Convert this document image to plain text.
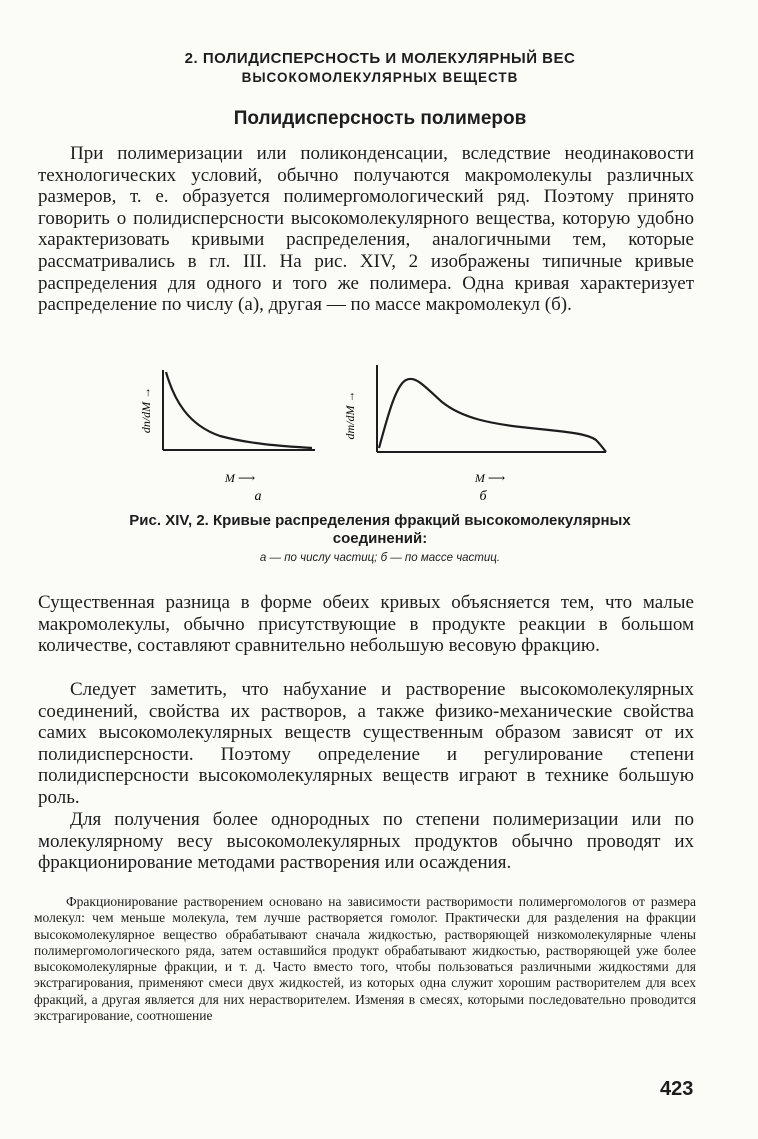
2. ПОЛИДИСПЕРСНОСТЬ И МОЛЕКУЛЯРНЫЙ ВЕС
ВЫСОКОМОЛЕКУЛЯРНЫХ ВЕЩЕСТВ
Полидисперсность полимеров

При полимеризации или поликонденсации, вследствие неодинаковости технологических условий, обычно получаются макромолекулы различных размеров, т. е. образуется полимергомологический ряд. Поэтому принято говорить о полидисперсности высокомолекулярного вещества, которую удобно характеризовать кривыми распределения, аналогичными тем, которые рассматривались в гл. III. На рис. XIV, 2 изображены типичные кривые распределения для одного и того же полимера. Одна кривая характеризует распределение по числу (а), другая — по массе макромолекул (б).

dn/dM →
M ⟶
а
dm/dM →
M ⟶
б
Рис. XIV, 2. Кривые распределения фракций высокомолекулярных
соединений:
а — по числу частиц; б — по массе частиц.

Существенная разница в форме обеих кривых объясняется тем, что малые макромолекулы, обычно присутствующие в продукте реакции в большом количестве, составляют сравнительно небольшую весовую фракцию.

Следует заметить, что набухание и растворение высокомолекулярных соединений, свойства их растворов, а также физико-механические свойства самих высокомолекулярных веществ существенным образом зависят от их полидисперсности. Поэтому определение и регулирование степени полидисперсности высокомолекулярных веществ играют в технике большую роль.

Для получения более однородных по степени полимеризации или по молекулярному весу высокомолекулярных продуктов обычно проводят их фракционирование методами растворения или осаждения.

Фракционирование растворением основано на зависимости растворимости полимергомологов от размера молекул: чем меньше молекула, тем лучше растворяется гомолог. Практически для разделения на фракции высокомолекулярное вещество обрабатывают сначала жидкостью, растворяющей низкомолекулярные члены полимергомологического ряда, затем оставшийся продукт обрабатывают жидкостью, растворяющей уже более высокомолекулярные фракции, и т. д. Часто вместо того, чтобы пользоваться различными жидкостями для экстрагирования, применяют смеси двух жидкостей, из которых одна служит хорошим растворителем для всех фракций, а другая является для них нерастворителем. Изменяя в смесях, которыми последовательно проводится экстрагирование, соотношение

423
